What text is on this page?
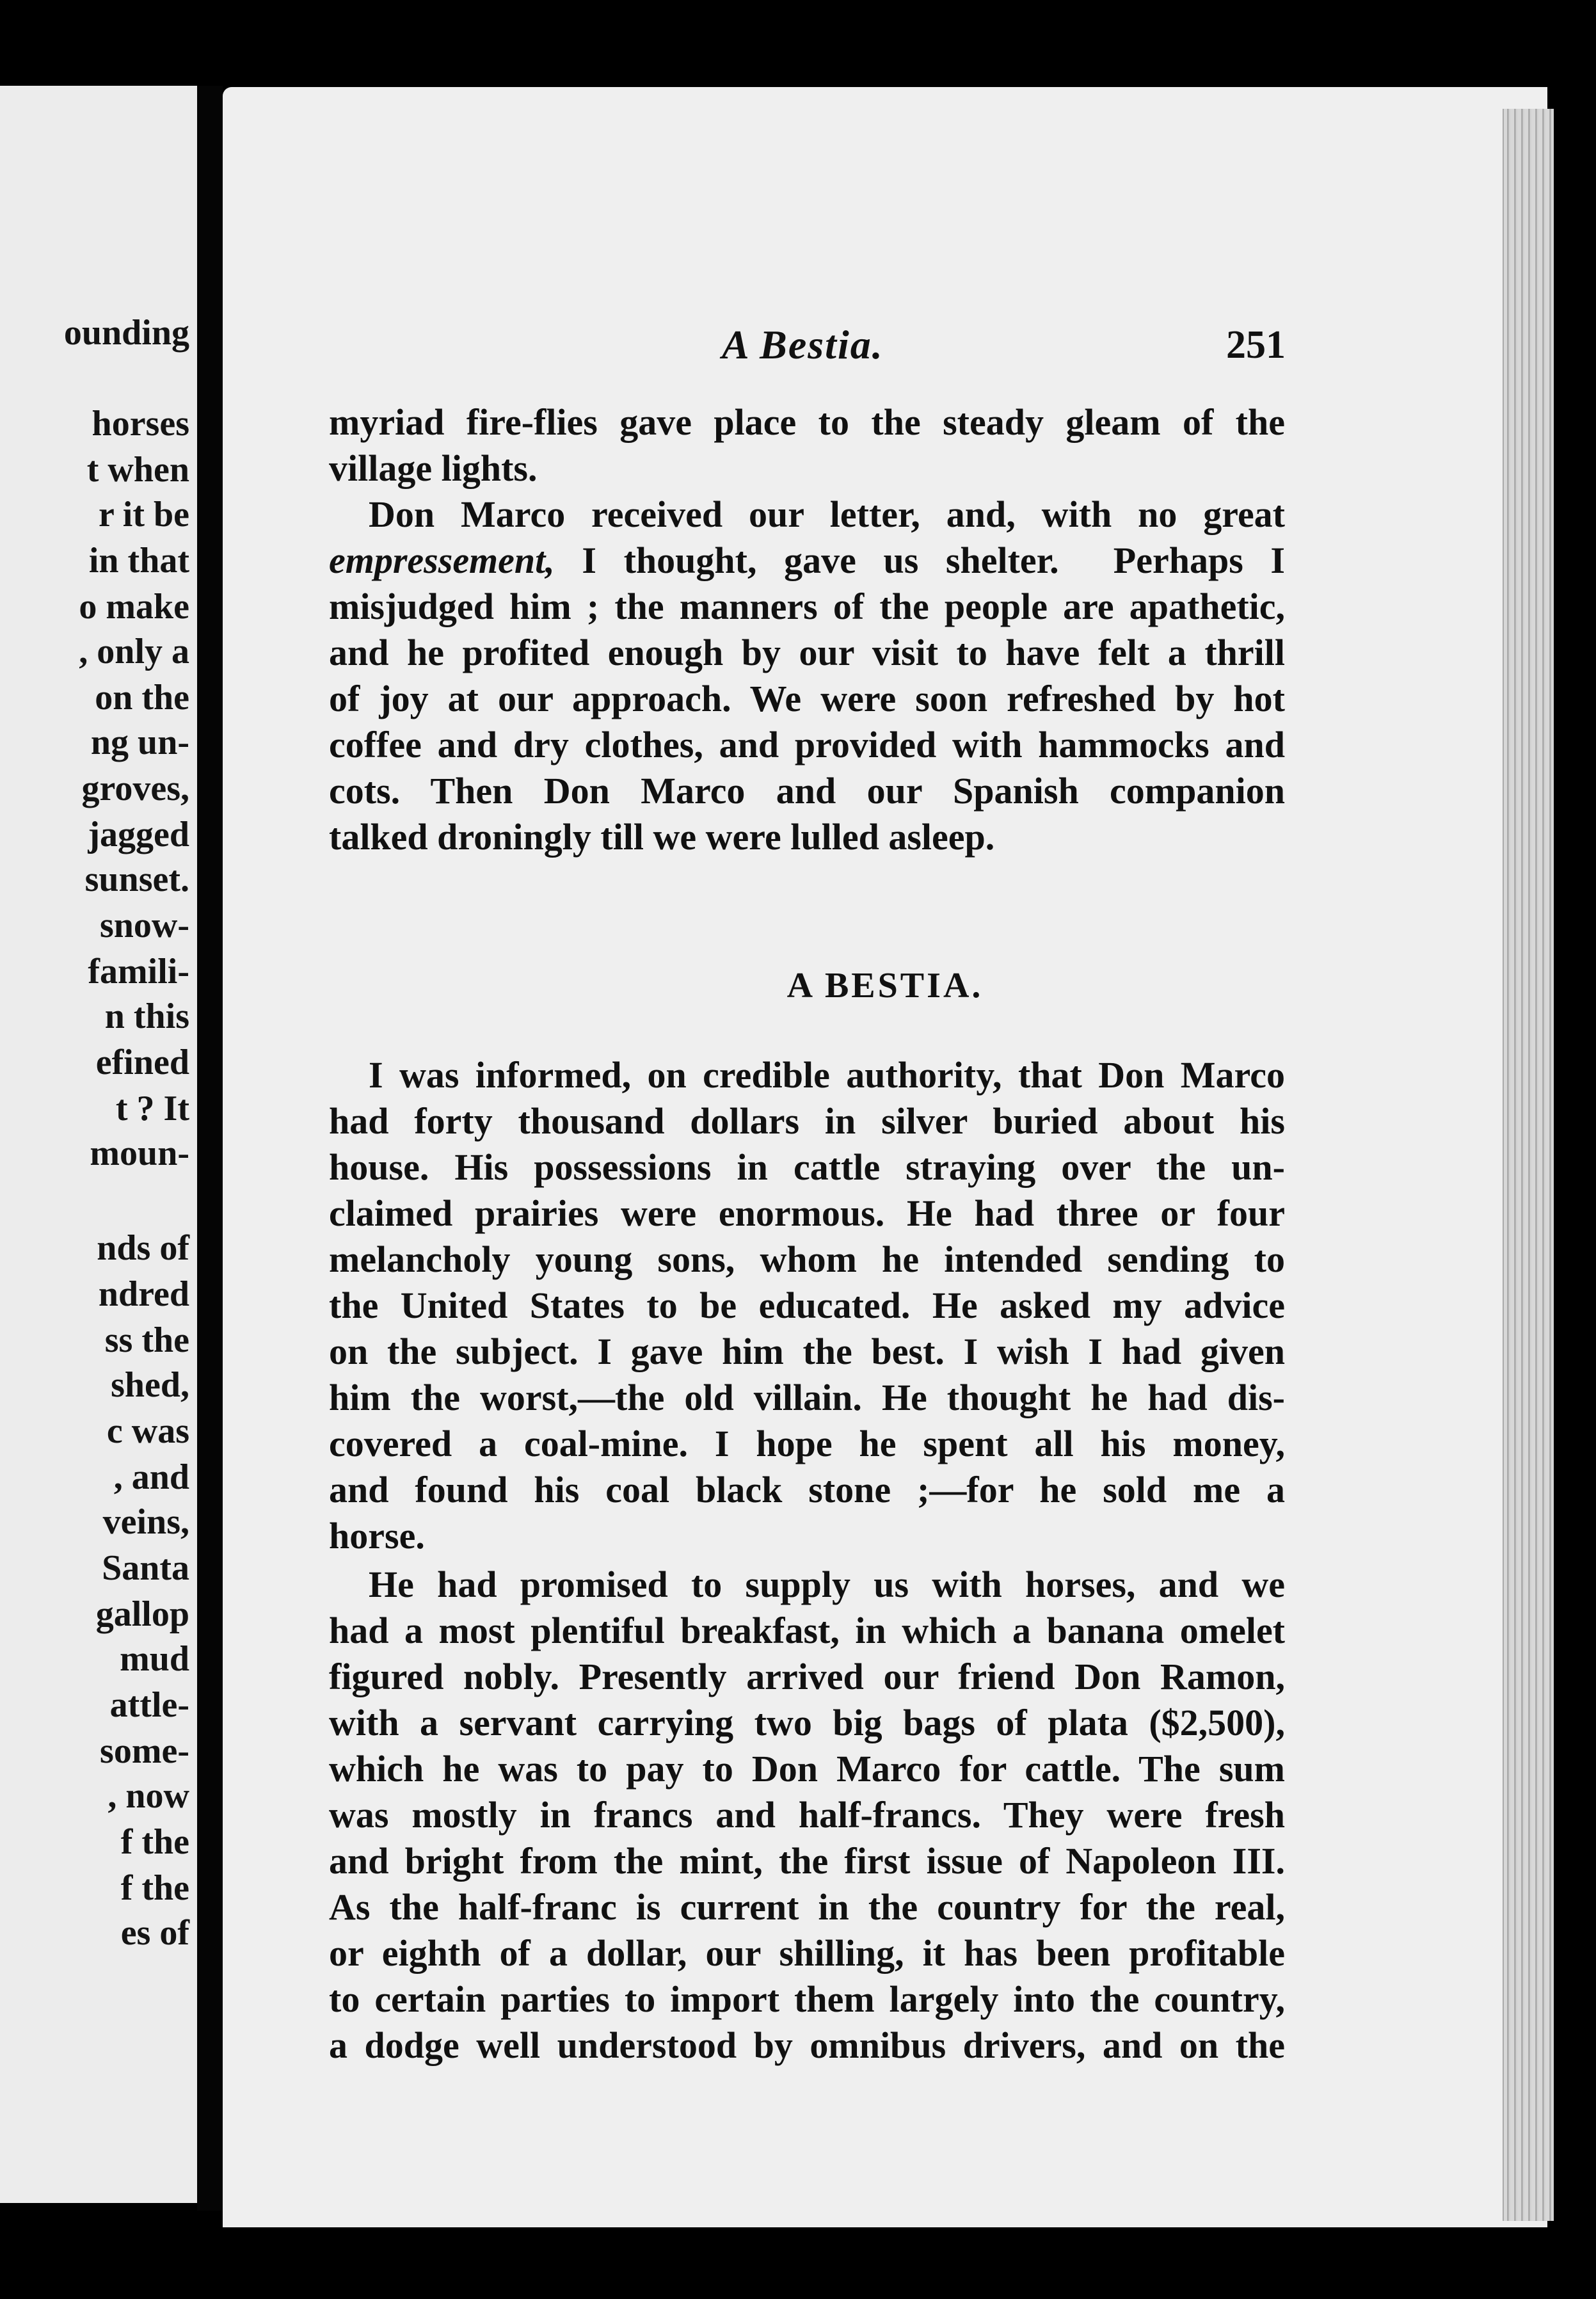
ounding
horses
t when
r it be
in that
o make
, only a
on the
ng un-
groves,
jagged
sunset.
snow-
famili-
n this
efined
t ? It
moun-
nds of
ndred
ss the
shed,
c was
, and
veins,
Santa
gallop
mud
attle-
some-
, now
f the
f the
es of
A Bestia.	251
myriad fire-flies gave place to the steady gleam of the
village lights.
Don Marco received our letter, and, with no great
empressement, I thought, gave us shelter.  Perhaps I
misjudged him ; the manners of the people are apathetic,
and he profited enough by our visit to have felt a thrill
of joy at our approach. We were soon refreshed by hot
coffee and dry clothes, and provided with hammocks and
cots. Then Don Marco and our Spanish companion
talked droningly till we were lulled asleep.
A BESTIA.
I was informed, on credible authority, that Don Marco
had forty thousand dollars in silver buried about his
house. His possessions in cattle straying over the un-
claimed prairies were enormous. He had three or four
melancholy young sons, whom he intended sending to
the United States to be educated. He asked my advice
on the subject. I gave him the best. I wish I had given
him the worst,—the old villain. He thought he had dis-
covered a coal-mine. I hope he spent all his money,
and found his coal black stone ;—for he sold me a
horse.
He had promised to supply us with horses, and we
had a most plentiful breakfast, in which a banana omelet
figured nobly. Presently arrived our friend Don Ramon,
with a servant carrying two big bags of plata ($2,500),
which he was to pay to Don Marco for cattle. The sum
was mostly in francs and half-francs. They were fresh
and bright from the mint, the first issue of Napoleon III.
As the half-franc is current in the country for the real,
or eighth of a dollar, our shilling, it has been profitable
to certain parties to import them largely into the country,
a dodge well understood by omnibus drivers, and on the
